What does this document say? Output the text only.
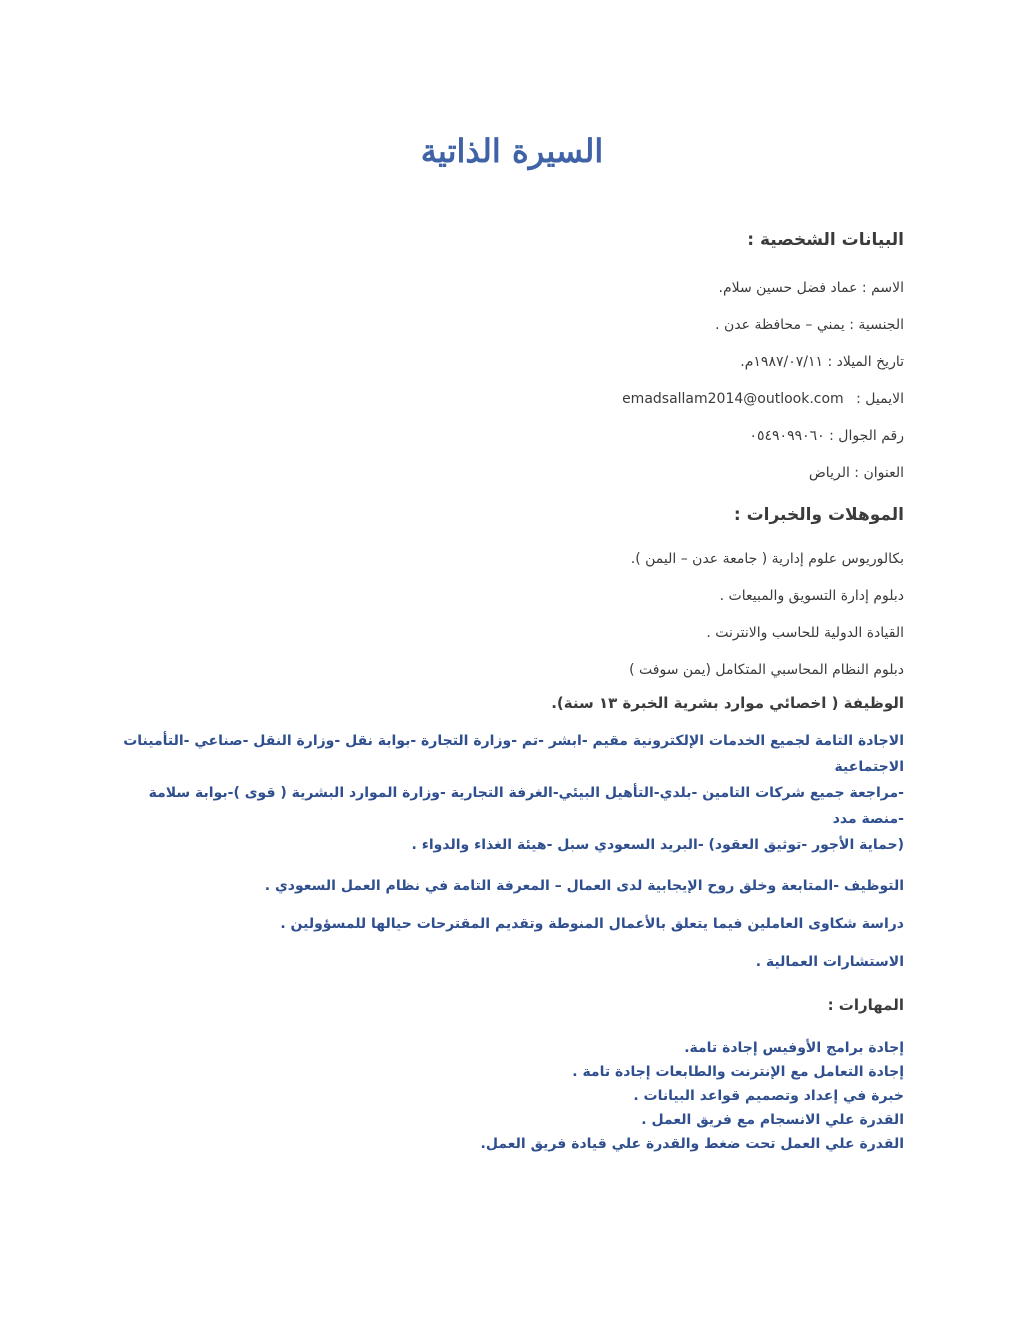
السيرة الذاتية

البيانات الشخصية :

الاسم : عماد فضل حسين سلام.

الجنسية : يمني – محافظة عدن .

تاريخ الميلاد : ١٩٨٧/٠٧/١١م.

الايميل : emadsallam2014@outlook.com

رقم الجوال : ٠٥٤٩٠٩٩٠٦٠

العنوان : الرياض

الموهلات والخبرات :

بكالوريوس علوم إدارية ( جامعة عدن – اليمن ).

دبلوم إدارة التسويق والمبيعات .

القيادة الدولية للحاسب والانترنت .

دبلوم النظام المحاسبي المتكامل (يمن سوفت )

الوظيفة ( اخصائي موارد بشرية الخبرة ١٣ سنة).

الاجادة التامة لجميع الخدمات الإلكترونية مقيم -ابشر -تم -وزارة التجارة -بوابة نقل -وزارة النقل -صناعي -التأمينات الاجتماعية

-مراجعة جميع شركات التامين -بلدي-التأهيل البيئي-الغرفة التجارية -وزارة الموارد البشرية ( قوى )-بوابة سلامة -منصة مدد

(حماية الأجور -توثيق العقود) -البريد السعودي سبل -هيئة الغذاء والدواء .

التوظيف -المتابعة وخلق روح الإيجابية لدى العمال – المعرفة التامة في نظام العمل السعودي .

دراسة شكاوى العاملين فيما يتعلق بالأعمال المنوطة وتقديم المقترحات حيالها للمسؤولين .

الاستشارات العمالية .

المهارات :

إجادة برامج الأوفيس إجادة تامة.

إجادة التعامل مع الإنترنت والطابعات إجادة تامة .

خبرة في إعداد وتصميم قواعد البيانات .

القدرة علي الانسجام مع فريق العمل .

القدرة علي العمل تحت ضغط والقدرة علي قيادة فريق العمل.
